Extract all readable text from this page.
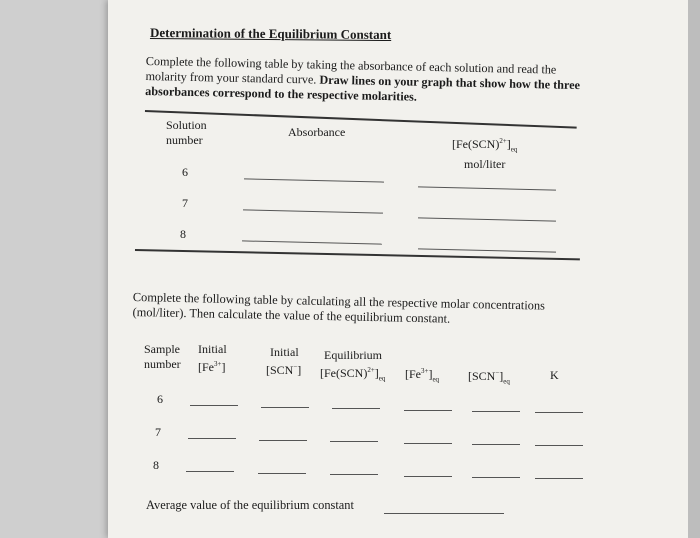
Determination of the Equilibrium Constant
Complete the following table by taking the absorbance of each solution and read the molarity from your standard curve. Draw lines on your graph that show how the three absorbances correspond to the respective molarities.
Solution
number
Absorbance
$[Fe(SCN)^{2+}]_{eq}$
mol/liter
6
7
8
Complete the following table by calculating all the respective molar concentrations (mol/liter). Then calculate the value of the equilibrium constant.
Sample
number
Initial
$[Fe^{3+}]$
Initial
[SCN−]
Equilibrium
$[Fe(SCN)^{2+}]_{eq}$ $[Fe^{3+}]_{eq}$ $[SCN^-]_{eq}$	K
6
7
8
Average value of the equilibrium constant
